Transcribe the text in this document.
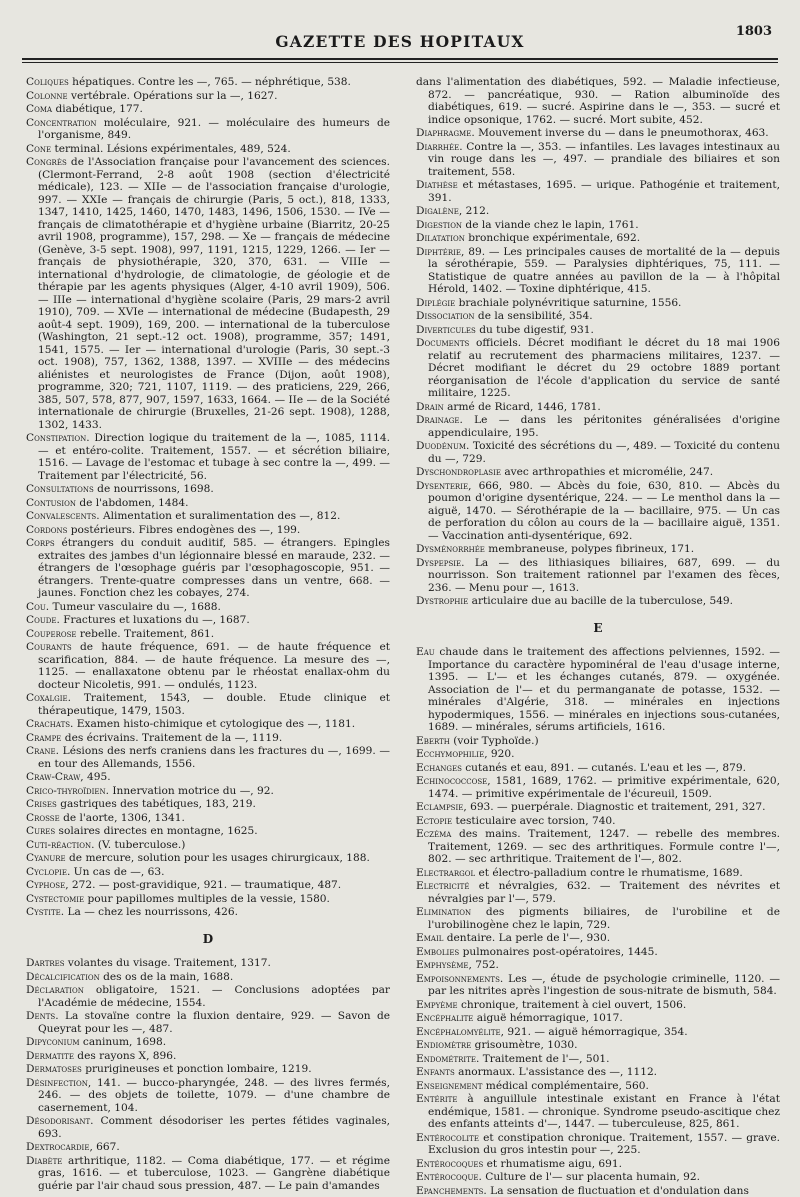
GAZETTE DES HOPITAUX
1803

Coliques hépatiques. Contre les —, 765. — néphrétique, 538.

Colonne vertébrale. Opérations sur la —, 1627.

Coma diabétique, 177.

Concentration moléculaire, 921. — moléculaire des humeurs de l'organisme, 849.

Cone terminal. Lésions expérimentales, 489, 524.

Congrès de l'Association française pour l'avancement des sciences. (Clermont-Ferrand, 2-8 août 1908 (section d'électricité médicale), 123. — XIIe — de l'association française d'urologie, 997. — XXIe — français de chirurgie (Paris, 5 oct.), 818, 1333, 1347, 1410, 1425, 1460, 1470, 1483, 1496, 1506, 1530. — IVe — français de climatothérapie et d'hygiène urbaine (Biarritz, 20-25 avril 1908, programme), 157, 298. — Xe — français de médecine (Genève, 3-5 sept. 1908), 997, 1191, 1215, 1229, 1266. — Ier — français de physiothérapie, 320, 370, 631. — VIIIe — international d'hydrologie, de climatologie, de géologie et de thérapie par les agents physiques (Alger, 4-10 avril 1909), 506. — IIIe — international d'hygiène scolaire (Paris, 29 mars-2 avril 1910), 709. — XVIe — international de médecine (Budapesth, 29 août-4 sept. 1909), 169, 200. — international de la tuberculose (Washington, 21 sept.-12 oct. 1908), programme, 357; 1491, 1541, 1575. — Ier — international d'urologie (Paris, 30 sept.-3 oct. 1908), 757, 1362, 1388, 1397. — XVIIIe — des médecins aliénistes et neurologistes de France (Dijon, août 1908), programme, 320; 721, 1107, 1119. — des praticiens, 229, 266, 385, 507, 578, 877, 907, 1597, 1633, 1664. — IIe — de la Société internationale de chirurgie (Bruxelles, 21-26 sept. 1908), 1288, 1302, 1433.

Constipation. Direction logique du traitement de la —, 1085, 1114. — et entéro-colite. Traitement, 1557. — et sécrétion biliaire, 1516. — Lavage de l'estomac et tubage à sec contre la —, 499. — Traitement par l'électricité, 56.

Consultations de nourrissons, 1698.

Contusion de l'abdomen, 1484.

Convalescents. Alimentation et suralimentation des —, 812.

Cordons postérieurs. Fibres endogènes des —, 199.

Corps étrangers du conduit auditif, 585. — étrangers. Epingles extraites des jambes d'un légionnaire blessé en maraude, 232. — étrangers de l'œsophage guéris par l'œsophagoscopie, 951. — étrangers. Trente-quatre compresses dans un ventre, 668. — jaunes. Fonction chez les cobayes, 274.

Cou. Tumeur vasculaire du —, 1688.

Coude. Fractures et luxations du —, 1687.

Couperose rebelle. Traitement, 861.

Courants de haute fréquence, 691. — de haute fréquence et scarification, 884. — de haute fréquence. La mesure des —, 1125. — enallaxatone obtenu par le rhéostat enallax-ohm du docteur Nicoletis, 991. — ondulés, 1123.

Coxalgie. Traitement, 1543, — double. Etude clinique et thérapeutique, 1479, 1503.

Crachats. Examen histo-chimique et cytologique des —, 1181.

Crampe des écrivains. Traitement de la —, 1119.

Crane. Lésions des nerfs craniens dans les fractures du —, 1699. — en tour des Allemands, 1556.

Craw-Craw, 495.

Crico-thyroïdien. Innervation motrice du —, 92.

Crises gastriques des tabétiques, 183, 219.

Crosse de l'aorte, 1306, 1341.

Cures solaires directes en montagne, 1625.

Cuti-réaction. (V. tuberculose.)

Cyanure de mercure, solution pour les usages chirurgicaux, 188.

Cyclopie. Un cas de —, 63.

Cyphose, 272. — post-gravidique, 921. — traumatique, 487.

Cystectomie pour papillomes multiples de la vessie, 1580.

Cystite. La — chez les nourrissons, 426.

D

Dartres volantes du visage. Traitement, 1317.

Décalcification des os de la main, 1688.

Déclaration obligatoire, 1521. — Conclusions adoptées par l'Académie de médecine, 1554.

Dents. La stovaïne contre la fluxion dentaire, 929. — Savon de Queyrat pour les —, 487.

Dipyconium caninum, 1698.

Dermatite des rayons X, 896.

Dermatoses prurigineuses et ponction lombaire, 1219.

Désinfection, 141. — bucco-pharyngée, 248. — des livres fermés, 246. — des objets de toilette, 1079. — d'une chambre de casernement, 104.

Désodorisant. Comment désodoriser les pertes fétides vaginales, 693.

Dextrocardie, 667.

Diabète arthritique, 1182. — Coma diabétique, 177. — et régime gras, 1616. — et tuberculose, 1023. — Gangrène diabétique guérie par l'air chaud sous pression, 487. — Le pain d'amandes

dans l'alimentation des diabétiques, 592. — Maladie infectieuse, 872. — pancréatique, 930. — Ration albuminoïde des diabétiques, 619. — sucré. Aspirine dans le —, 353. — sucré et indice opsonique, 1762. — sucré. Mort subite, 452.

Diaphragme. Mouvement inverse du — dans le pneumothorax, 463.

Diarrhée. Contre la —, 353. — infantiles. Les lavages intestinaux au vin rouge dans les —, 497. — prandiale des biliaires et son traitement, 558.

Diathèse et métastases, 1695. — urique. Pathogénie et traitement, 391.

Digalène, 212.

Digestion de la viande chez le lapin, 1761.

Dilatation bronchique expérimentale, 692.

Diphtérie, 89. — Les principales causes de mortalité de la — depuis la sérothérapie, 559. — Paralysies diphtériques, 75, 111. — Statistique de quatre années au pavillon de la — à l'hôpital Hérold, 1402. — Toxine diphtérique, 415.

Diplégie brachiale polynévritique saturnine, 1556.

Dissociation de la sensibilité, 354.

Diverticules du tube digestif, 931.

Documents officiels. Décret modifiant le décret du 18 mai 1906 relatif au recrutement des pharmaciens militaires, 1237. — Décret modifiant le décret du 29 octobre 1889 portant réorganisation de l'école d'application du service de santé militaire, 1225.

Drain armé de Ricard, 1446, 1781.

Drainage. Le — dans les péritonites généralisées d'origine appendiculaire, 195.

Duodénum. Toxicité des sécrétions du —, 489. — Toxicité du contenu du —, 729.

Dyschondroplasie avec arthropathies et micromélie, 247.

Dysenterie, 666, 980. — Abcès du foie, 630, 810. — Abcès du poumon d'origine dysentérique, 224. — — Le menthol dans la — aiguë, 1470. — Sérothérapie de la — bacillaire, 975. — Un cas de perforation du côlon au cours de la — bacillaire aiguë, 1351. — Vaccination anti-dysentérique, 692.

Dysménorrhée membraneuse, polypes fibrineux, 171.

Dyspepsie. La — des lithiasiques biliaires, 687, 699. — du nourrisson. Son traitement rationnel par l'examen des fèces, 236. — Menu pour —, 1613.

Dystrophie articulaire due au bacille de la tuberculose, 549.

E

Eau chaude dans le traitement des affections pelviennes, 1592. — Importance du caractère hypominéral de l'eau d'usage interne, 1395. — L'— et les échanges cutanés, 879. — oxygénée. Association de l'— et du permanganate de potasse, 1532. — minérales d'Algérie, 318. — minérales en injections hypodermiques, 1556. — minérales en injections sous-cutanées, 1689. — minérales, sérums artificiels, 1616.

Eberth (voir Typhoïde.)

Ecchymophilie, 920.

Echanges cutanés et eau, 891. — cutanés. L'eau et les —, 879.

Echinococcose, 1581, 1689, 1762. — primitive expérimentale, 620, 1474. — primitive expérimentale de l'écureuil, 1509.

Eclampsie, 693. — puerpérale. Diagnostic et traitement, 291, 327.

Ectopie testiculaire avec torsion, 740.

Eczéma des mains. Traitement, 1247. — rebelle des membres. Traitement, 1269. — sec des arthritiques. Formule contre l'—, 802. — sec arthritique. Traitement de l'—, 802.

Electrargol et électro-palladium contre le rhumatisme, 1689.

Electricité et névralgies, 632. — Traitement des névrites et névralgies par l'—, 579.

Elimination des pigments biliaires, de l'urobiline et de l'urobilinogène chez le lapin, 729.

Email dentaire. La perle de l'—, 930.

Embolies pulmonaires post-opératoires, 1445.

Emphysème, 752.

Empoisonnements. Les —, étude de psychologie criminelle, 1120. — par les nitrites après l'ingestion de sous-nitrate de bismuth, 584.

Empyème chronique, traitement à ciel ouvert, 1506.

Encéphalite aiguë hémorragique, 1017.

Encéphalomyélite, 921. — aiguë hémorragique, 354.

Endiomètre grisoumètre, 1030.

Endométrite. Traitement de l'—, 501.

Enfants anormaux. L'assistance des —, 1112.

Enseignement médical complémentaire, 560.

Entérite à anguillule intestinale existant en France à l'état endémique, 1581. — chronique. Syndrome pseudo-ascitique chez des enfants atteints d'—, 1447. — tuberculeuse, 825, 861.

Entérocolite et constipation chronique. Traitement, 1557. — grave. Exclusion du gros intestin pour —, 225.

Entérocoques et rhumatisme aigu, 691.

Entérocoque. Culture de l'— sur placenta humain, 92.

Epanchements. La sensation de fluctuation et d'ondulation dans
